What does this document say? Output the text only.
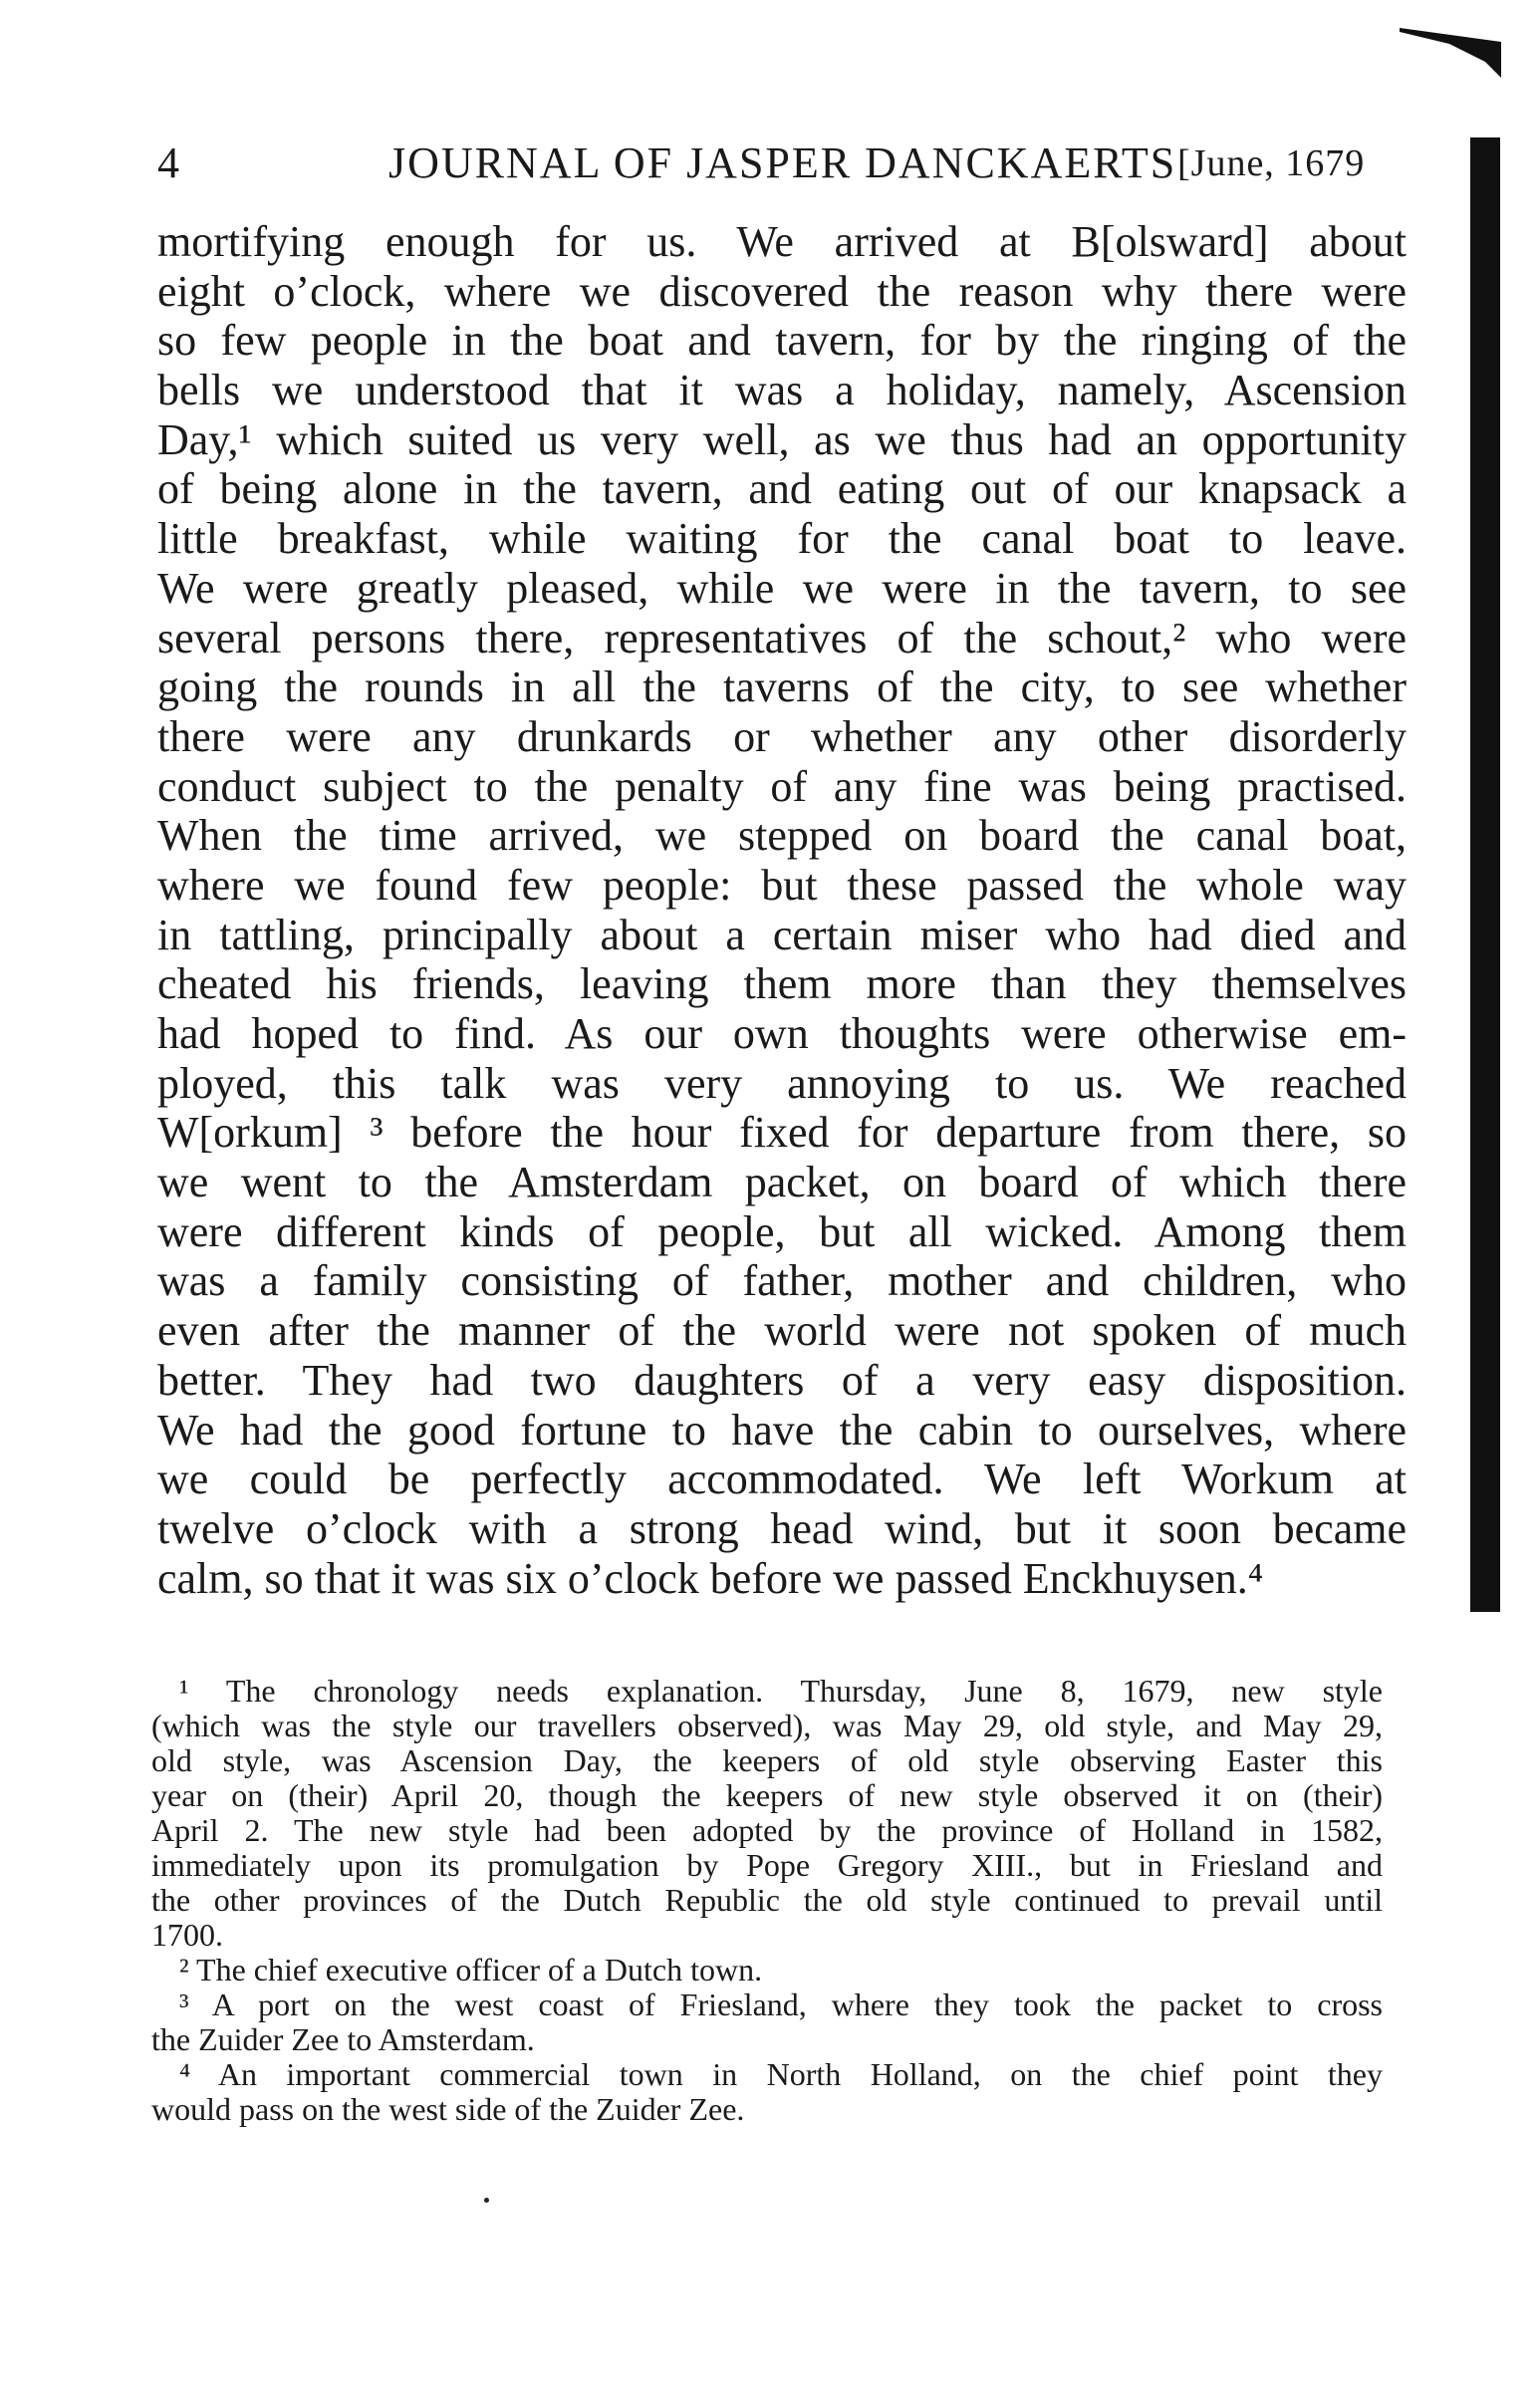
4	JOURNAL OF JASPER DANCKAERTS [June, 1679
mortifying enough for us. We arrived at B[olsward] about
eight o’clock, where we discovered the reason why there were
so few people in the boat and tavern, for by the ringing of the
bells we understood that it was a holiday, namely, Ascension
Day,¹ which suited us very well, as we thus had an opportunity
of being alone in the tavern, and eating out of our knapsack a
little breakfast, while waiting for the canal boat to leave.
We were greatly pleased, while we were in the tavern, to see
several persons there, representatives of the schout,² who were
going the rounds in all the taverns of the city, to see whether
there were any drunkards or whether any other disorderly
conduct subject to the penalty of any fine was being practised.
When the time arrived, we stepped on board the canal boat,
where we found few people: but these passed the whole way
in tattling, principally about a certain miser who had died and
cheated his friends, leaving them more than they themselves
had hoped to find. As our own thoughts were otherwise em-
ployed, this talk was very annoying to us. We reached
W[orkum] ³ before the hour fixed for departure from there, so
we went to the Amsterdam packet, on board of which there
were different kinds of people, but all wicked. Among them
was a family consisting of father, mother and children, who
even after the manner of the world were not spoken of much
better. They had two daughters of a very easy disposition.
We had the good fortune to have the cabin to ourselves, where
we could be perfectly accommodated. We left Workum at
twelve o’clock with a strong head wind, but it soon became
calm, so that it was six o’clock before we passed Enckhuysen.⁴
¹ The chronology needs explanation. Thursday, June 8, 1679, new style
(which was the style our travellers observed), was May 29, old style, and May 29,
old style, was Ascension Day, the keepers of old style observing Easter this
year on (their) April 20, though the keepers of new style observed it on (their)
April 2. The new style had been adopted by the province of Holland in 1582,
immediately upon its promulgation by Pope Gregory XIII., but in Friesland and
the other provinces of the Dutch Republic the old style continued to prevail until
1700.
² The chief executive officer of a Dutch town.
³ A port on the west coast of Friesland, where they took the packet to cross
the Zuider Zee to Amsterdam.
⁴ An important commercial town in North Holland, on the chief point they
would pass on the west side of the Zuider Zee.
